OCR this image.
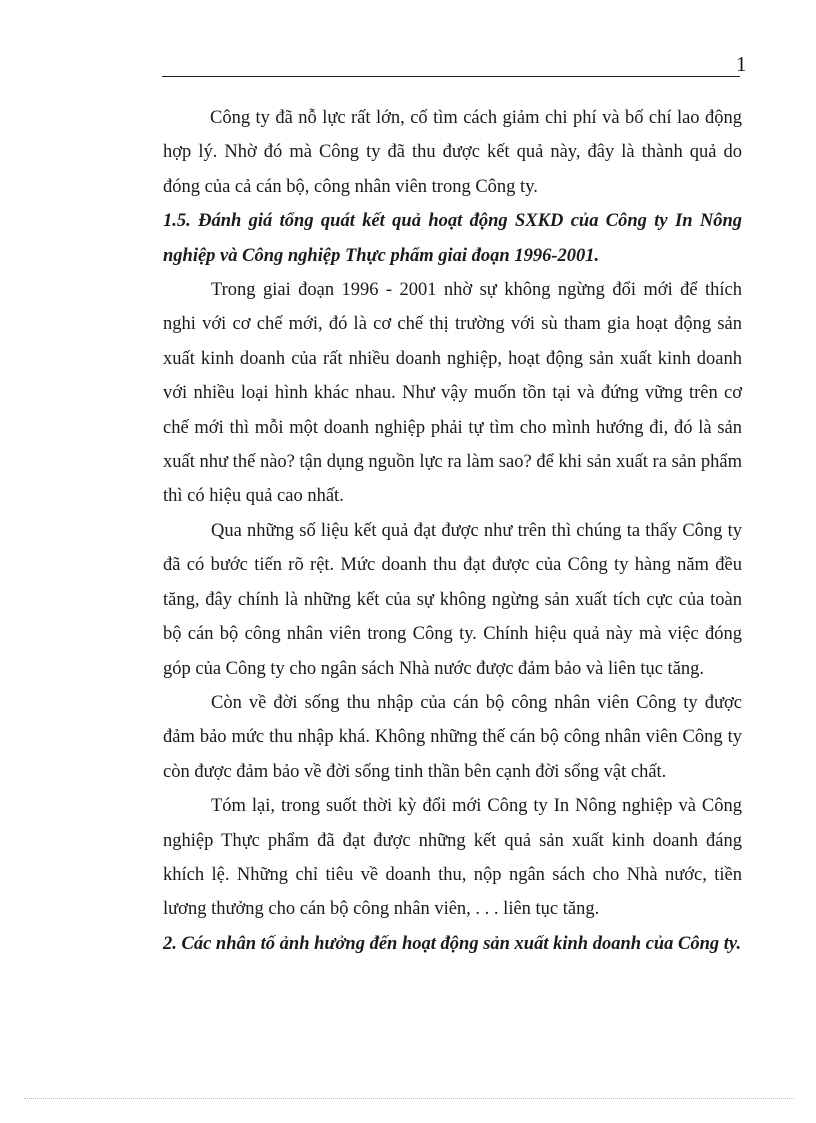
1

Công ty đã nỗ lực rất lớn, cố tìm cách giảm chi phí và bố chí lao động hợp lý. Nhờ đó mà Công ty đã thu được kết quả này, đây là thành quả do đóng của cả cán bộ, công nhân viên trong Công ty.

1.5. Đánh giá tổng quát kết quả hoạt động SXKD của Công ty In Nông nghiệp và Công nghiệp Thực phẩm giai đoạn 1996-2001.

Trong giai đoạn 1996 - 2001 nhờ sự không ngừng đổi mới để thích nghi với cơ chế mới, đó là cơ chế thị trường với sù tham gia hoạt động sản xuất kinh doanh của rất nhiều doanh nghiệp, hoạt động sản xuất kinh doanh với nhiều loại hình khác nhau. Như vậy muốn tồn tại và đứng vững trên cơ chế mới thì mỗi một doanh nghiệp phải tự tìm cho mình hướng đi, đó là sản xuất như thế nào? tận dụng nguồn lực ra làm sao? để khi sản xuất ra sản phẩm thì có hiệu quả cao nhất.

Qua những số liệu kết quả đạt được như trên thì chúng ta thấy Công ty đã có bước tiến rõ rệt. Mức doanh thu đạt được của Công ty hàng năm đều tăng, đây chính là những kết của sự không ngừng sản xuất tích cực của toàn bộ cán bộ công nhân viên trong Công ty. Chính hiệu quả này mà việc đóng góp của Công ty cho ngân sách Nhà nước được đảm bảo và liên tục tăng.

Còn về đời sống thu nhập của cán bộ công nhân viên Công ty được đảm bảo mức thu nhập khá. Không những thế cán bộ công nhân viên Công ty còn được đảm bảo về đời sống tinh thần bên cạnh đời sống vật chất.

Tóm lại, trong suốt thời kỳ đổi mới Công ty In Nông nghiệp và Công nghiệp Thực phẩm đã đạt được những kết quả sản xuất kinh doanh đáng khích lệ. Những chỉ tiêu về doanh thu, nộp ngân sách cho Nhà nước, tiền lương thưởng cho cán bộ công nhân viên, . . . liên tục tăng.

2. Các nhân tố ảnh hưởng đến hoạt động sản xuất kinh doanh của Công ty.
